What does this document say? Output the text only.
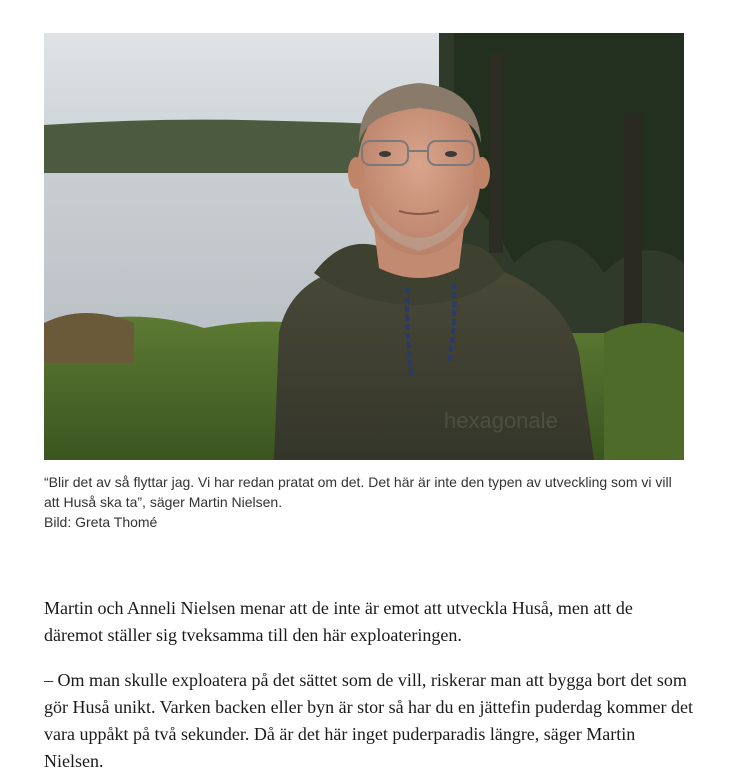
hexagonale
“Blir det av så flyttar jag. Vi har redan pratat om det. Det här är inte den typen av utveckling som vi vill att Huså ska ta”, säger Martin Nielsen.
Bild: Greta Thomé

Martin och Anneli Nielsen menar att de inte är emot att utveckla Huså, men att de däremot ställer sig tveksamma till den här exploateringen.

– Om man skulle exploatera på det sättet som de vill, riskerar man att bygga bort det som gör Huså unikt. Varken backen eller byn är stor så har du en jättefin puderdag kommer det vara uppåkt på två sekunder. Då är det här inget puderparadis längre, säger Martin Nielsen.
